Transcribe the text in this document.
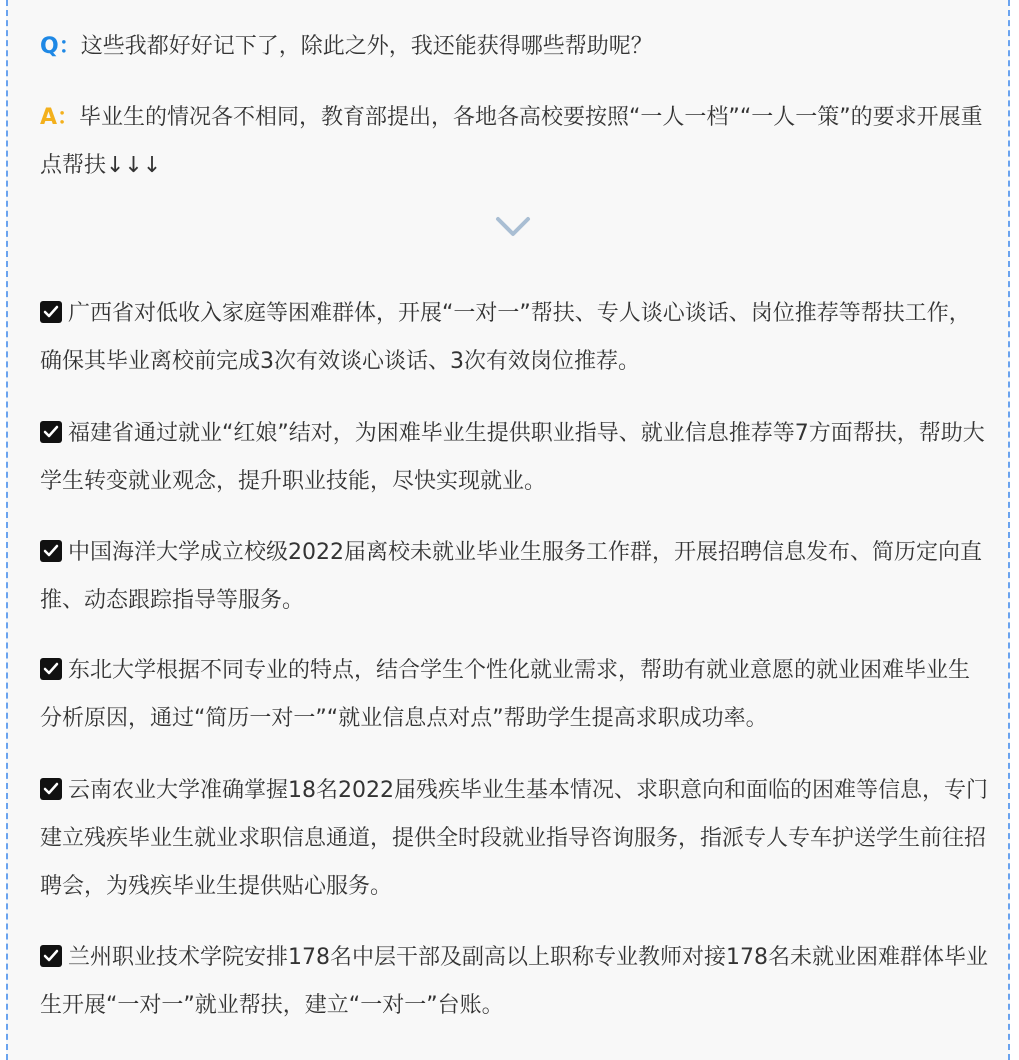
Q：这些我都好好记下了，除此之外，我还能获得哪些帮助呢？

A：毕业生的情况各不相同，教育部提出，各地各高校要按照“一人一档”“一人一策”的要求开展重点帮扶↓↓↓

广西省对低收入家庭等困难群体，开展“一对一”帮扶、专人谈心谈话、岗位推荐等帮扶工作，确保其毕业离校前完成3次有效谈心谈话、3次有效岗位推荐。

福建省通过就业“红娘”结对，为困难毕业生提供职业指导、就业信息推荐等7方面帮扶，帮助大学生转变就业观念，提升职业技能，尽快实现就业。

中国海洋大学成立校级2022届离校未就业毕业生服务工作群，开展招聘信息发布、简历定向直推、动态跟踪指导等服务。

东北大学根据不同专业的特点，结合学生个性化就业需求，帮助有就业意愿的就业困难毕业生分析原因，通过“简历一对一”“就业信息点对点”帮助学生提高求职成功率。

云南农业大学准确掌握18名2022届残疾毕业生基本情况、求职意向和面临的困难等信息，专门建立残疾毕业生就业求职信息通道，提供全时段就业指导咨询服务，指派专人专车护送学生前往招聘会，为残疾毕业生提供贴心服务。

兰州职业技术学院安排178名中层干部及副高以上职称专业教师对接178名未就业困难群体毕业生开展“一对一”就业帮扶，建立“一对一”台账。
